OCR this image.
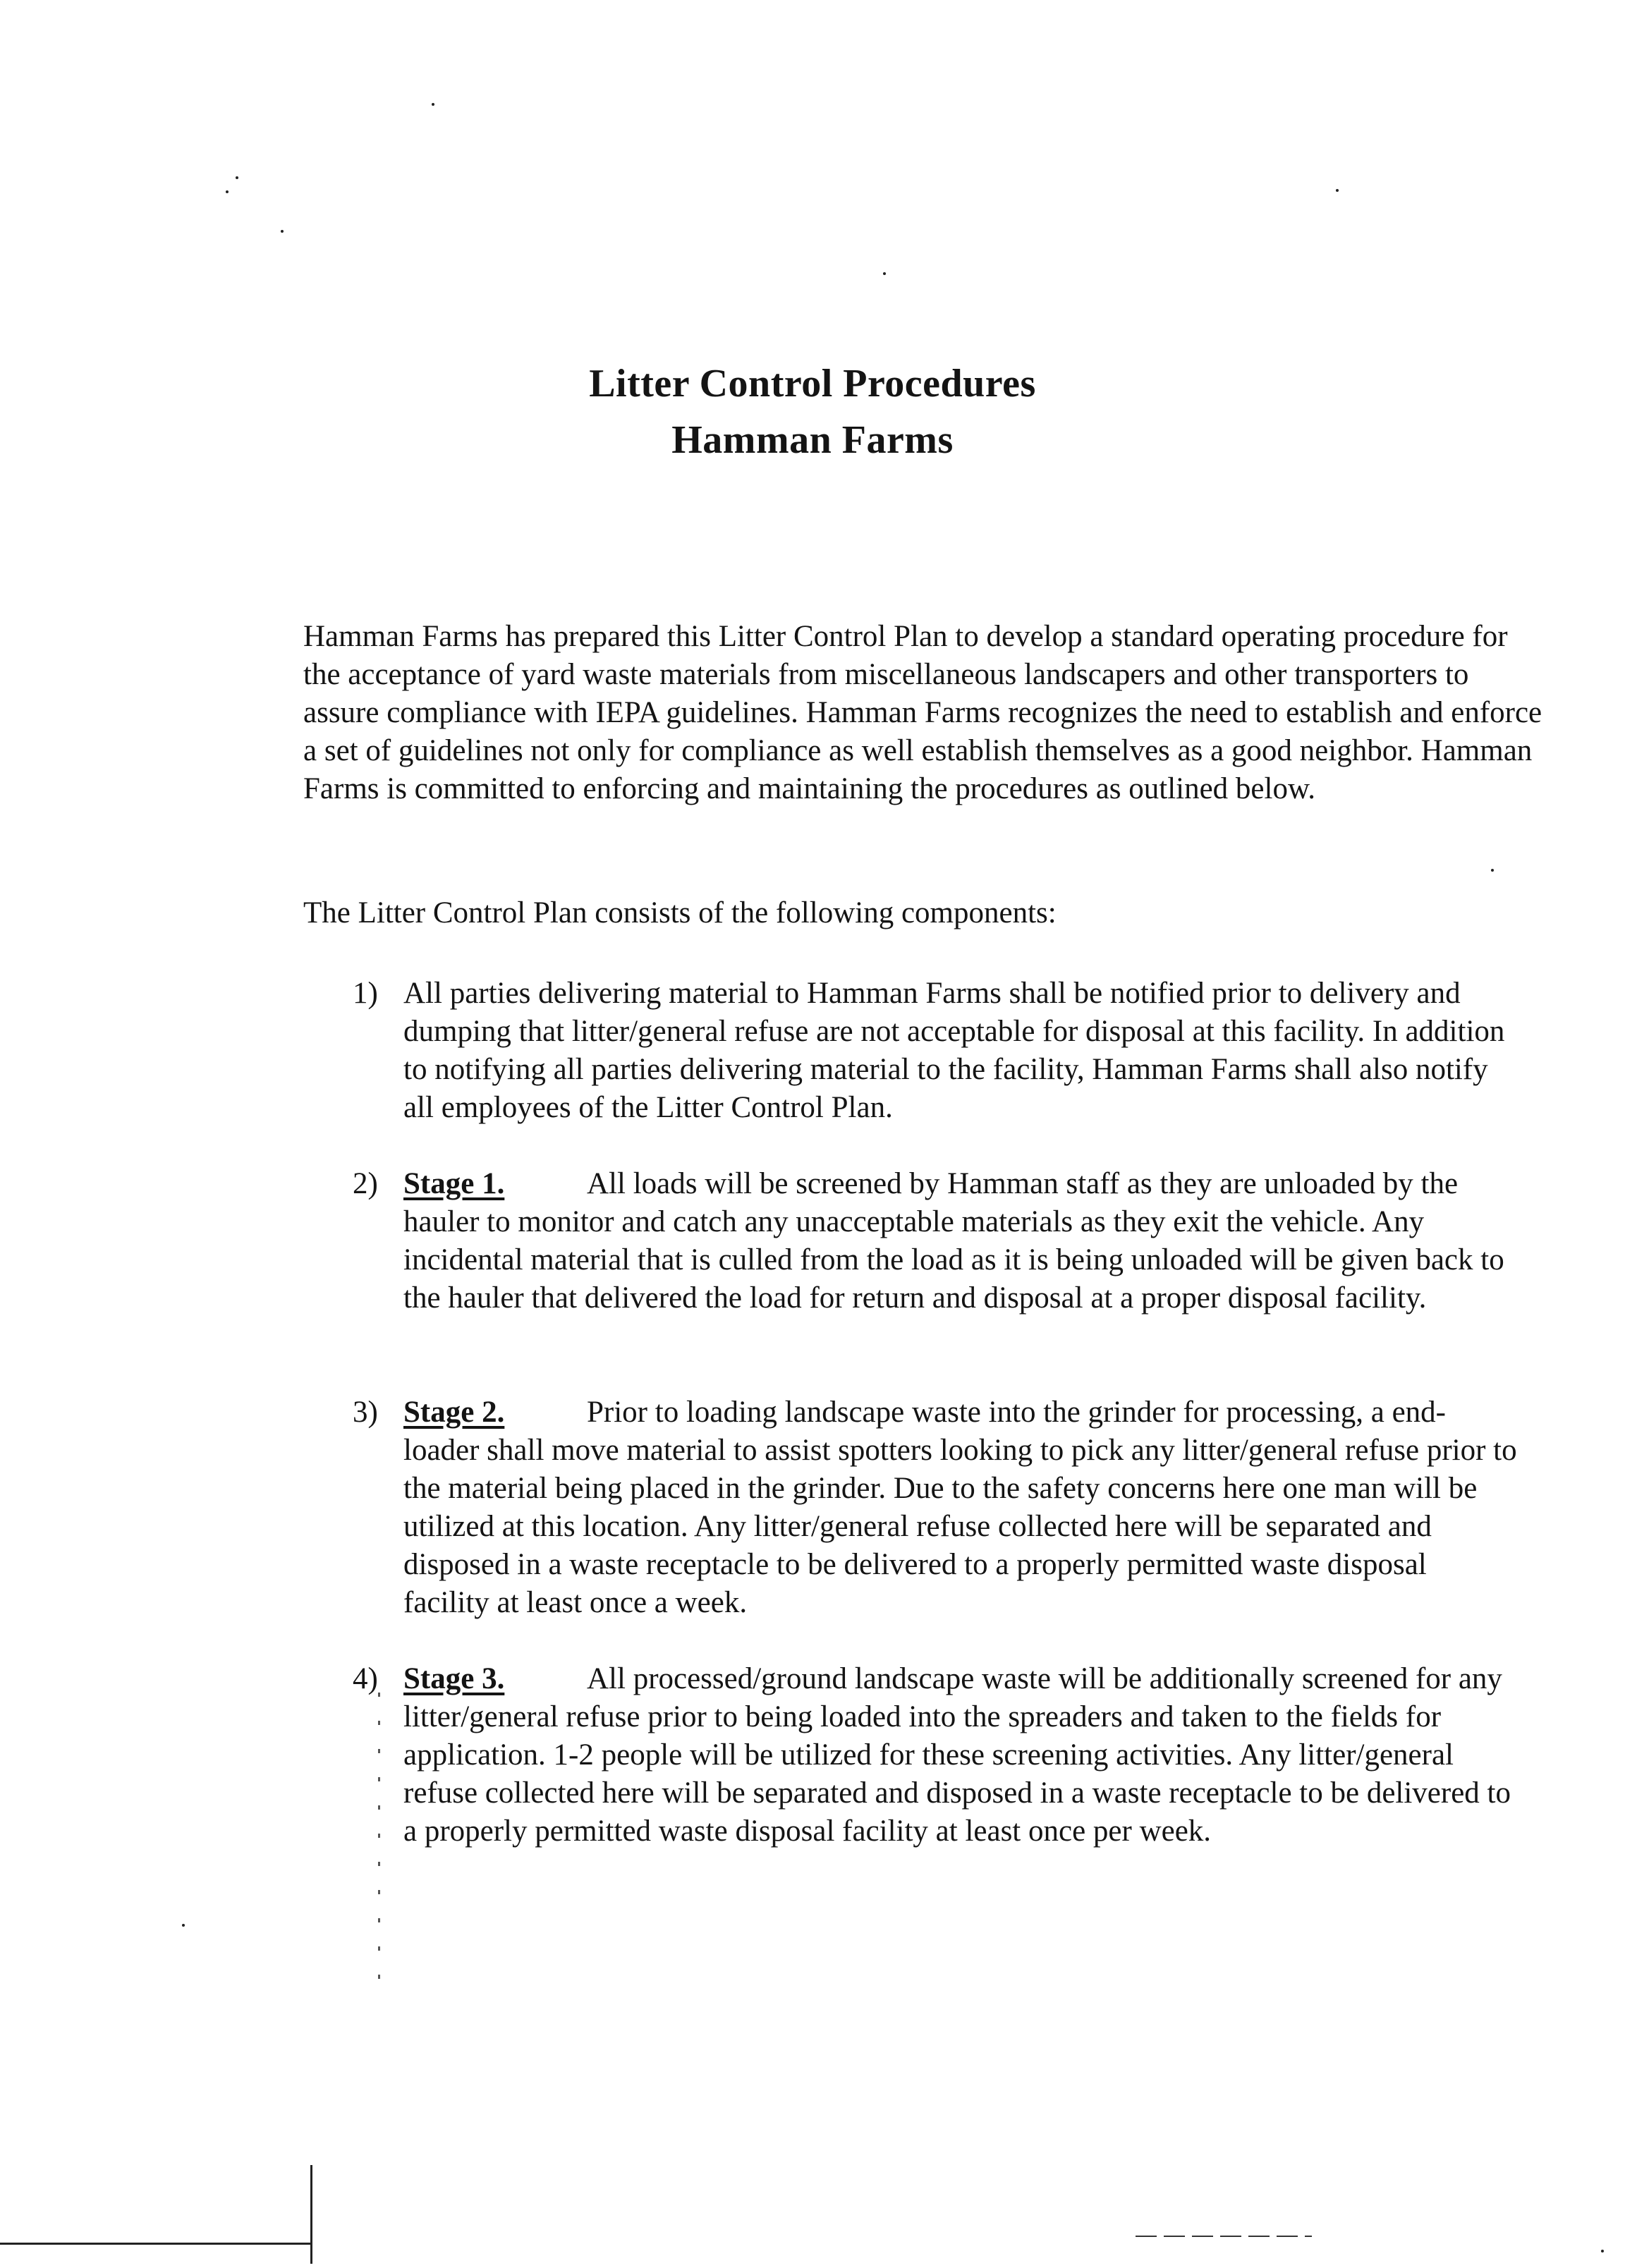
Litter Control Procedures
Hamman Farms

Hamman Farms has prepared this Litter Control Plan to develop a standard operating procedure for the acceptance of yard waste materials from miscellaneous landscapers and other transporters to assure compliance with IEPA guidelines. Hamman Farms recognizes the need to establish and enforce a set of guidelines not only for compliance as well establish themselves as a good neighbor. Hamman Farms is committed to enforcing and maintaining the procedures as outlined below.

The Litter Control Plan consists of the following components:

1) All parties delivering material to Hamman Farms shall be notified prior to delivery and dumping that litter/general refuse are not acceptable for disposal at this facility. In addition to notifying all parties delivering material to the facility, Hamman Farms shall also notify all employees of the Litter Control Plan.
2) Stage 1.	All loads will be screened by Hamman staff as they are unloaded by the hauler to monitor and catch any unacceptable materials as they exit the vehicle. Any incidental material that is culled from the load as it is being unloaded will be given back to the hauler that delivered the load for return and disposal at a proper disposal facility.
3) Stage 2.	Prior to loading landscape waste into the grinder for processing, a end-loader shall move material to assist spotters looking to pick any litter/general refuse prior to the material being placed in the grinder. Due to the safety concerns here one man will be utilized at this location. Any litter/general refuse collected here will be separated and disposed in a waste receptacle to be delivered to a properly permitted waste disposal facility at least once a week.
4) Stage 3.	All processed/ground landscape waste will be additionally screened for any litter/general refuse prior to being loaded into the spreaders and taken to the fields for application. 1-2 people will be utilized for these screening activities. Any litter/general refuse collected here will be separated and disposed in a waste receptacle to be delivered to a properly permitted waste disposal facility at least once per week.
